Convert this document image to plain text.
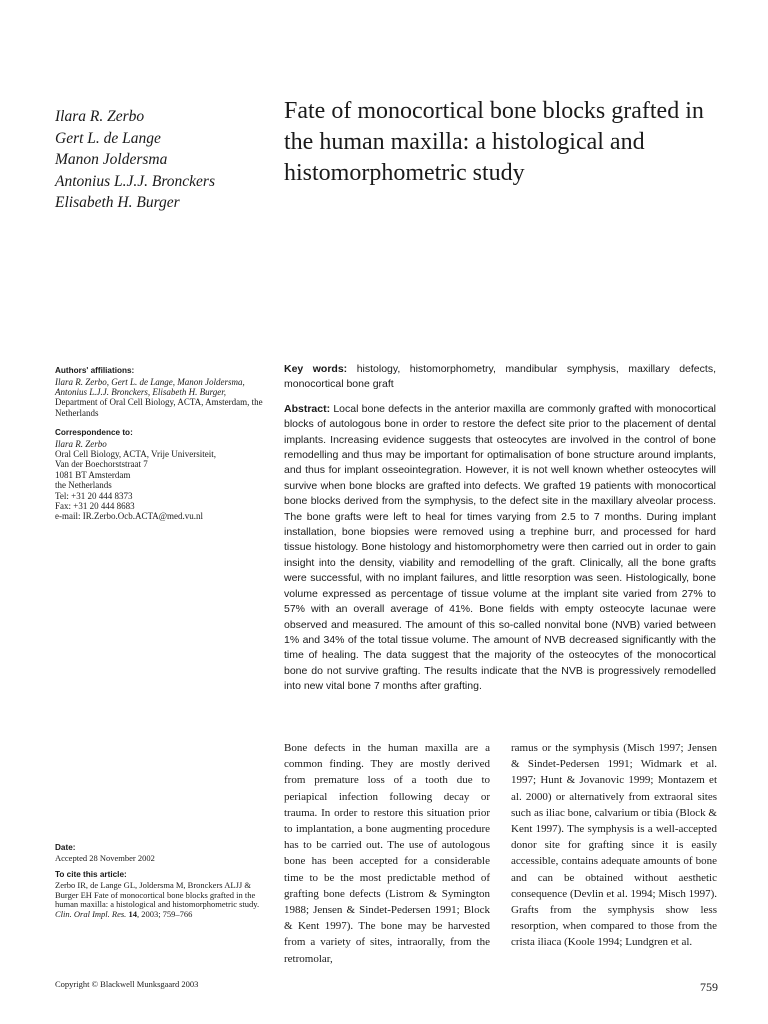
Ilara R. Zerbo
Gert L. de Lange
Manon Joldersma
Antonius L.J.J. Bronckers
Elisabeth H. Burger
Fate of monocortical bone blocks grafted in the human maxilla: a histological and histomorphometric study
Authors' affiliations:
Ilara R. Zerbo, Gert L. de Lange, Manon Joldersma, Antonius L.J.J. Bronckers, Elisabeth H. Burger,
Department of Oral Cell Biology, ACTA, Amsterdam, the Netherlands
Correspondence to:
Ilara R. Zerbo
Oral Cell Biology, ACTA, Vrije Universiteit,
Van der Boechorststraat 7
1081 BT Amsterdam
the Netherlands
Tel: +31 20 444 8373
Fax: +31 20 444 8683
e-mail: IR.Zerbo.Ocb.ACTA@med.vu.nl
Date:
Accepted 28 November 2002
To cite this article:
Zerbo IR, de Lange GL, Joldersma M, Bronckers ALJJ & Burger EH Fate of monocortical bone blocks grafted in the human maxilla: a histological and histomorphometric study.
Clin. Oral Impl. Res. 14, 2003; 759–766
Copyright © Blackwell Munksgaard 2003

Key words: histology, histomorphometry, mandibular symphysis, maxillary defects, monocortical bone graft

Abstract: Local bone defects in the anterior maxilla are commonly grafted with monocortical blocks of autologous bone in order to restore the defect site prior to the placement of dental implants. Increasing evidence suggests that osteocytes are involved in the control of bone remodelling and thus may be important for optimalisation of bone structure around implants, and thus for implant osseointegration. However, it is not well known whether osteocytes will survive when bone blocks are grafted into defects. We grafted 19 patients with monocortical bone blocks derived from the symphysis, to the defect site in the maxillary alveolar process. The bone grafts were left to heal for times varying from 2.5 to 7 months. During implant installation, bone biopsies were removed using a trephine burr, and processed for hard tissue histology. Bone histology and histomorphometry were then carried out in order to gain insight into the density, viability and remodelling of the graft. Clinically, all the bone grafts were successful, with no implant failures, and little resorption was seen. Histologically, bone volume expressed as percentage of tissue volume at the implant site varied from 27% to 57% with an overall average of 41%. Bone fields with empty osteocyte lacunae were observed and measured. The amount of this so-called nonvital bone (NVB) varied between 1% and 34% of the total tissue volume. The amount of NVB decreased significantly with the time of healing. The data suggest that the majority of the osteocytes of the monocortical bone do not survive grafting. The results indicate that the NVB is progressively remodelled into new vital bone 7 months after grafting.

Bone defects in the human maxilla are a common finding. They are mostly derived from premature loss of a tooth due to periapical infection following decay or trauma. In order to restore this situation prior to implantation, a bone augmenting procedure has to be carried out. The use of autologous bone has been accepted for a considerable time to be the most predictable method of grafting bone defects (Listrom & Symington 1988; Jensen & Sindet-Pedersen 1991; Block & Kent 1997). The bone may be harvested from a variety of sites, intraorally, from the retromolar,

ramus or the symphysis (Misch 1997; Jensen & Sindet-Pedersen 1991; Widmark et al. 1997; Hunt & Jovanovic 1999; Montazem et al. 2000) or alternatively from extraoral sites such as iliac bone, calvarium or tibia (Block & Kent 1997). The symphysis is a well-accepted donor site for grafting since it is easily accessible, contains adequate amounts of bone and can be obtained without aesthetic consequence (Devlin et al. 1994; Misch 1997). Grafts from the symphysis show less resorption, when compared to those from the crista iliaca (Koole 1994; Lundgren et al.

759
